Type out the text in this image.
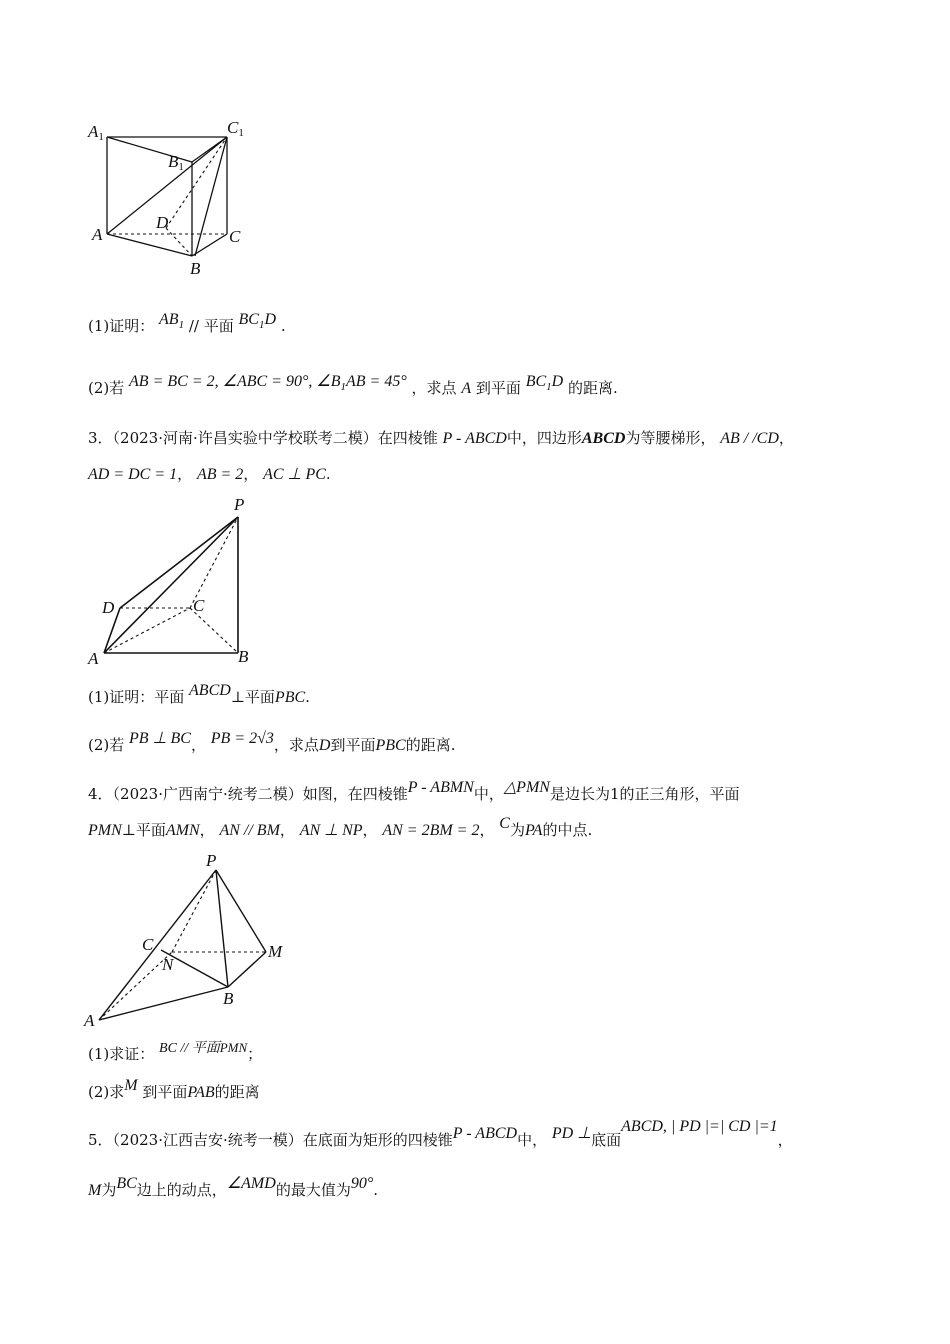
A1	C1
B1
D
A	C
B
(1)证明： $AB_1$ // 平面 $BC_1D$ .
(2)若 AB = BC = 2, ∠ABC = 90°, $\angle B_1AB = 45^\circ$ ，求点 A 到平面 $BC_1D$ 的距离.
3．（2023·河南·许昌实验中学校联考二模）在四棱锥 P - ABCD中，四边形ABCD为等腰梯形， AB / /CD，
AD = DC = 1， AB = 2， AC ⊥ PC.
P
D	C
A	B
(1)证明：平面 ABCD⊥平面PBC.
(2)若 PB ⊥ BC， PB = 2√3，求点D到平面PBC的距离.
4．（2023·广西南宁·统考二模）如图，在四棱锥P - ABMN中，△PMN是边长为1的正三角形，平面
PMN⊥平面AMN， AN // BM， AN ⊥ NP， AN = 2BM = 2， C为PA的中点.
P
C
N
M
B
A
(1)求证： BC // 平面PMN；
(2)求M 到平面PAB的距离
5．（2023·江西吉安·统考一模）在底面为矩形的四棱锥P - ABCD中， PD ⊥底面ABCD, | PD |=| CD |=1，
M为BC边上的动点，∠AMD的最大值为90°.
